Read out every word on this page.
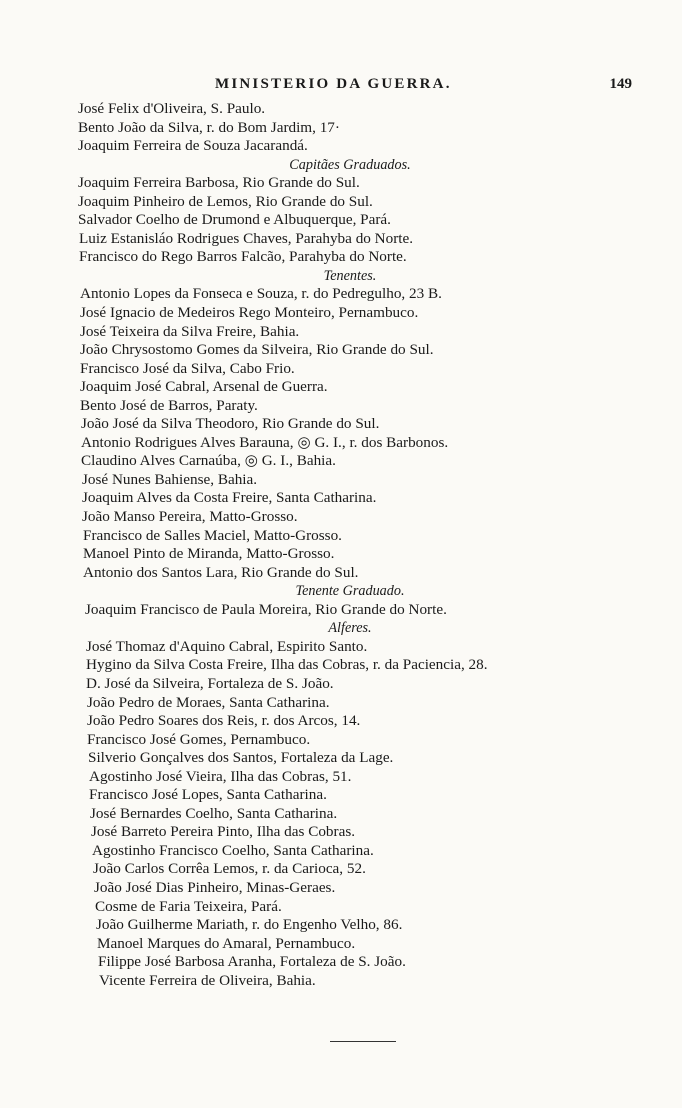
MINISTERIO DA GUERRA.	149
José Felix d'Oliveira, S. Paulo.
Bento João da Silva, r. do Bom Jardim, 17·
Joaquim Ferreira de Souza Jacarandá.
Capitães Graduados.
Joaquim Ferreira Barbosa, Rio Grande do Sul.
Joaquim Pinheiro de Lemos, Rio Grande do Sul.
Salvador Coelho de Drumond e Albuquerque, Pará.
Luiz Estanisláo Rodrigues Chaves, Parahyba do Norte.
Francisco do Rego Barros Falcão, Parahyba do Norte.
Tenentes.
Antonio Lopes da Fonseca e Souza, r. do Pedregulho, 23 B.
José Ignacio de Medeiros Rego Monteiro, Pernambuco.
José Teixeira da Silva Freire, Bahia.
João Chrysostomo Gomes da Silveira, Rio Grande do Sul.
Francisco José da Silva, Cabo Frio.
Joaquim José Cabral, Arsenal de Guerra.
Bento José de Barros, Paraty.
João José da Silva Theodoro, Rio Grande do Sul.
Antonio Rodrigues Alves Barauna, ◎ G. I., r. dos Barbonos.
Claudino Alves Carnaúba, ◎ G. I., Bahia.
José Nunes Bahiense, Bahia.
Joaquim Alves da Costa Freire, Santa Catharina.
João Manso Pereira, Matto-Grosso.
Francisco de Salles Maciel, Matto-Grosso.
Manoel Pinto de Miranda, Matto-Grosso.
Antonio dos Santos Lara, Rio Grande do Sul.
Tenente Graduado.
Joaquim Francisco de Paula Moreira, Rio Grande do Norte.
Alferes.
José Thomaz d'Aquino Cabral, Espirito Santo.
Hygino da Silva Costa Freire, Ilha das Cobras, r. da Paciencia, 28.
D. José da Silveira, Fortaleza de S. João.
João Pedro de Moraes, Santa Catharina.
João Pedro Soares dos Reis, r. dos Arcos, 14.
Francisco José Gomes, Pernambuco.
Silverio Gonçalves dos Santos, Fortaleza da Lage.
Agostinho José Vieira, Ilha das Cobras, 51.
Francisco José Lopes, Santa Catharina.
José Bernardes Coelho, Santa Catharina.
José Barreto Pereira Pinto, Ilha das Cobras.
Agostinho Francisco Coelho, Santa Catharina.
João Carlos Corrêa Lemos, r. da Carioca, 52.
João José Dias Pinheiro, Minas-Geraes.
Cosme de Faria Teixeira, Pará.
João Guilherme Mariath, r. do Engenho Velho, 86.
Manoel Marques do Amaral, Pernambuco.
Filippe José Barbosa Aranha, Fortaleza de S. João.
Vicente Ferreira de Oliveira, Bahia.
